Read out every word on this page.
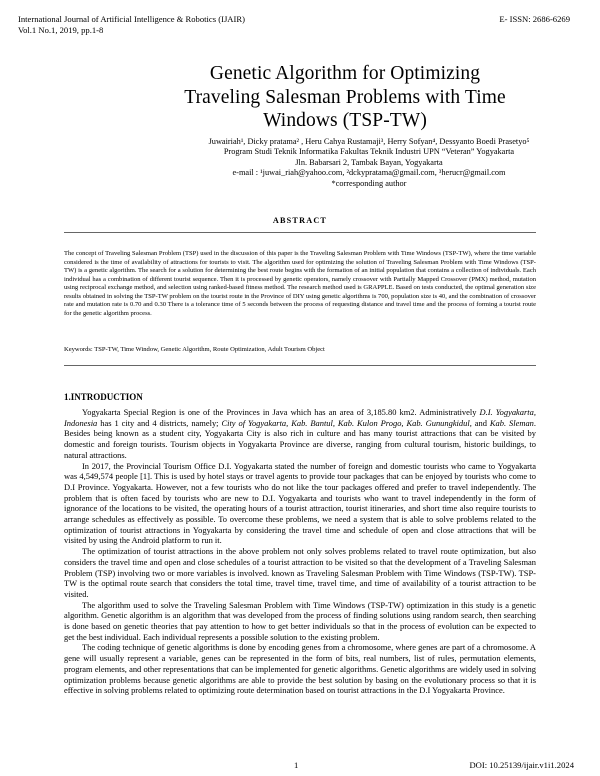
International Journal of Artificial Intelligence & Robotics (IJAIR)
Vol.1 No.1, 2019, pp.1-8
E- ISSN: 2686-6269
Genetic Algorithm for Optimizing
Traveling Salesman Problems with Time
Windows (TSP-TW)
Juwairiah¹, Dicky pratama² , Heru Cahya Rustamaji³, Herry Sofyan⁴, Dessyanto Boedi Prasetyo⁵
Program Studi Teknik Informatika Fakultas Teknik Industri UPN “Veteran” Yogyakarta
Jln. Babarsari 2, Tambak Bayan, Yogyakarta
e-mail : ¹juwai_riah@yahoo.com, ²dckypratama@gmail.com, ³herucr@gmail.com
*corresponding author
ABSTRACT
The concept of Traveling Salesman Problem (TSP) used in the discussion of this paper is the Traveling Salesman Problem with Time Windows (TSP-TW), where the time variable considered is the time of availability of attractions for tourists to visit. The algorithm used for optimizing the solution of Traveling Salesman Problem with Time Windows (TSP-TW) is a genetic algorithm. The search for a solution for determining the best route begins with the formation of an initial population that contains a collection of individuals. Each individual has a combination of different tourist sequence. Then it is processed by genetic operators, namely crossover with Partially Mapped Crossover (PMX) method, mutation using reciprocal exchange method, and selection using ranked-based fitness method. The research method used is GRAPPLE. Based on tests conducted, the optimal generation size results obtained in solving the TSP-TW problem on the tourist route in the Province of DIY using genetic algorithms is 700, population size is 40, and the combination of crossover rate and mutation rate is 0.70 and 0.30 There is a tolerance time of 5 seconds between the process of requesting distance and travel time and the process of forming a tourist route for the genetic algorithm process.
Keywords: TSP-TW, Time Window, Genetic Algorithm, Route Optimization, Adult Tourism Object
1.INTRODUCTION

Yogyakarta Special Region is one of the Provinces in Java which has an area of 3,185.80 km2. Administratively D.I. Yogyakarta, Indonesia has 1 city and 4 districts, namely; City of Yogyakarta, Kab. Bantul, Kab. Kulon Progo, Kab. Gunungkidul, and Kab. Sleman. Besides being known as a student city, Yogyakarta City is also rich in culture and has many tourist attractions that can be visited by domestic and foreign tourists. Tourism objects in Yogyakarta Province are diverse, ranging from cultural tourism, historic buildings, to natural attractions.

In 2017, the Provincial Tourism Office D.I. Yogyakarta stated the number of foreign and domestic tourists who came to Yogyakarta was 4,549,574 people [1]. This is used by hotel stays or travel agents to provide tour packages that can be enjoyed by tourists who come to D.I Province. Yogyakarta. However, not a few tourists who do not like the tour packages offered and prefer to travel independently. The problem that is often faced by tourists who are new to D.I. Yogyakarta and tourists who want to travel independently in the form of ignorance of the locations to be visited, the operating hours of a tourist attraction, tourist itineraries, and short time also require tourists to arrange schedules as effectively as possible. To overcome these problems, we need a system that is able to solve problems related to the optimization of tourist attractions in Yogyakarta by considering the travel time and schedule of open and close attractions that will be visited by using the Android platform to run it.

The optimization of tourist attractions in the above problem not only solves problems related to travel route optimization, but also considers the travel time and open and close schedules of a tourist attraction to be visited so that the development of a Traveling Salesman Problem (TSP) involving two or more variables is involved. known as Traveling Salesman Problem with Time Windows (TSP-TW). TSP-TW is the optimal route search that considers the total time, travel time, travel time, and time of availability of a tourist attraction to be visited.

The algorithm used to solve the Traveling Salesman Problem with Time Windows (TSP-TW) optimization in this study is a genetic algorithm. Genetic algorithm is an algorithm that was developed from the process of finding solutions using random search, then searching is done based on genetic theories that pay attention to how to get better individuals so that in the process of evolution can be expected to get the best individual. Each individual represents a possible solution to the existing problem.

The coding technique of genetic algorithms is done by encoding genes from a chromosome, where genes are part of a chromosome. A gene will usually represent a variable, genes can be represented in the form of bits, real numbers, list of rules, permutation elements, program elements, and other representations that can be implemented for genetic algorithms. Genetic algorithms are widely used in solving optimization problems because genetic algorithms are able to provide the best solution by basing on the evolutionary process so that it is effective in solving problems related to optimizing route determination based on tourist attractions in the D.I Yogyakarta Province.

1	DOI: 10.25139/ijair.v1i1.2024
